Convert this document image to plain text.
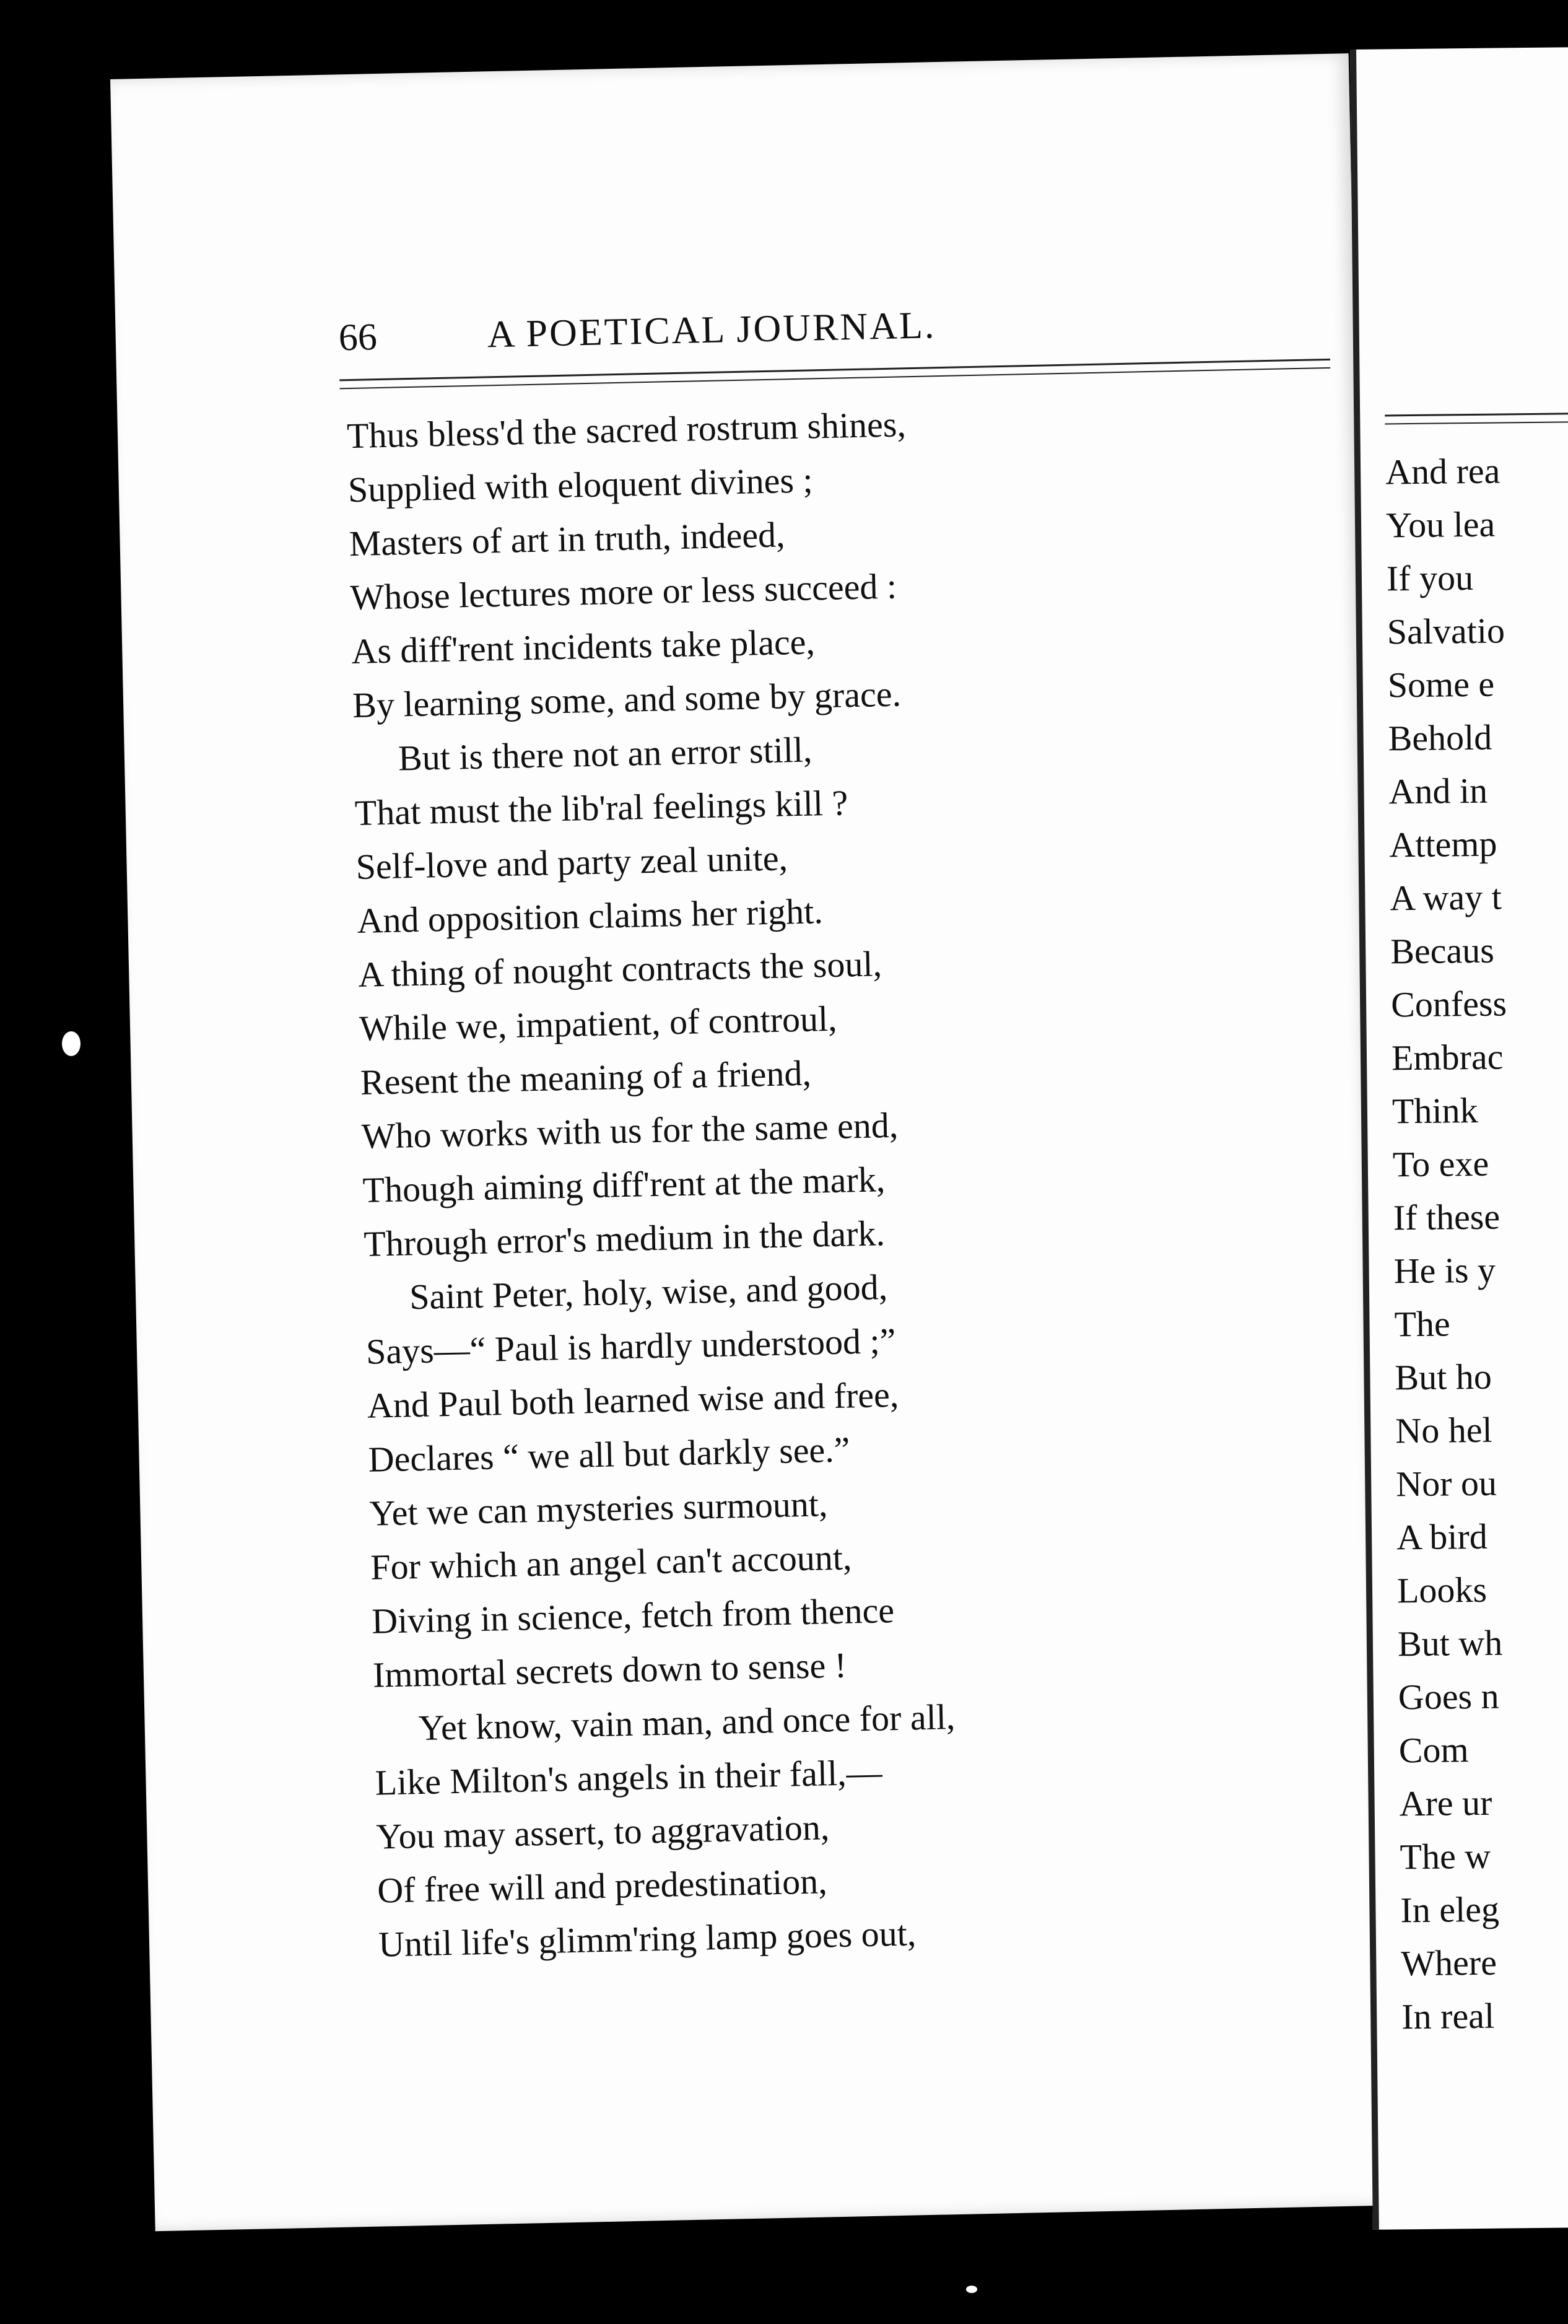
66	A POETICAL JOURNAL.
Thus bless'd the sacred rostrum shines,
Supplied with eloquent divines ;
Masters of art in truth, indeed,
Whose lectures more or less succeed :
As diff'rent incidents take place,
By learning some, and some by grace.
But is there not an error still,
That must the lib'ral feelings kill ?
Self-love and party zeal unite,
And opposition claims her right.
A thing of nought contracts the soul,
While we, impatient, of controul,
Resent the meaning of a friend,
Who works with us for the same end,
Though aiming diff'rent at the mark,
Through error's medium in the dark.
Saint Peter, holy, wise, and good,
Says—“ Paul is hardly understood ;”
And Paul both learned wise and free,
Declares “ we all but darkly see.”
Yet we can mysteries surmount,
For which an angel can't account,
Diving in science, fetch from thence
Immortal secrets down to sense !
Yet know, vain man, and once for all,
Like Milton's angels in their fall,—
You may assert, to aggravation,
Of free will and predestination,
Until life's glimm'ring lamp goes out,
And rea
You lea
If you
Salvatio
Some e
Behold
And in
Attemp
A way t
Becaus
Confess
Embrac
Think
To exe
If these
He is y
The
But ho
No hel
Nor ou
A bird
Looks
But wh
Goes n
Com
Are ur
The w
In eleg
Where
In real
